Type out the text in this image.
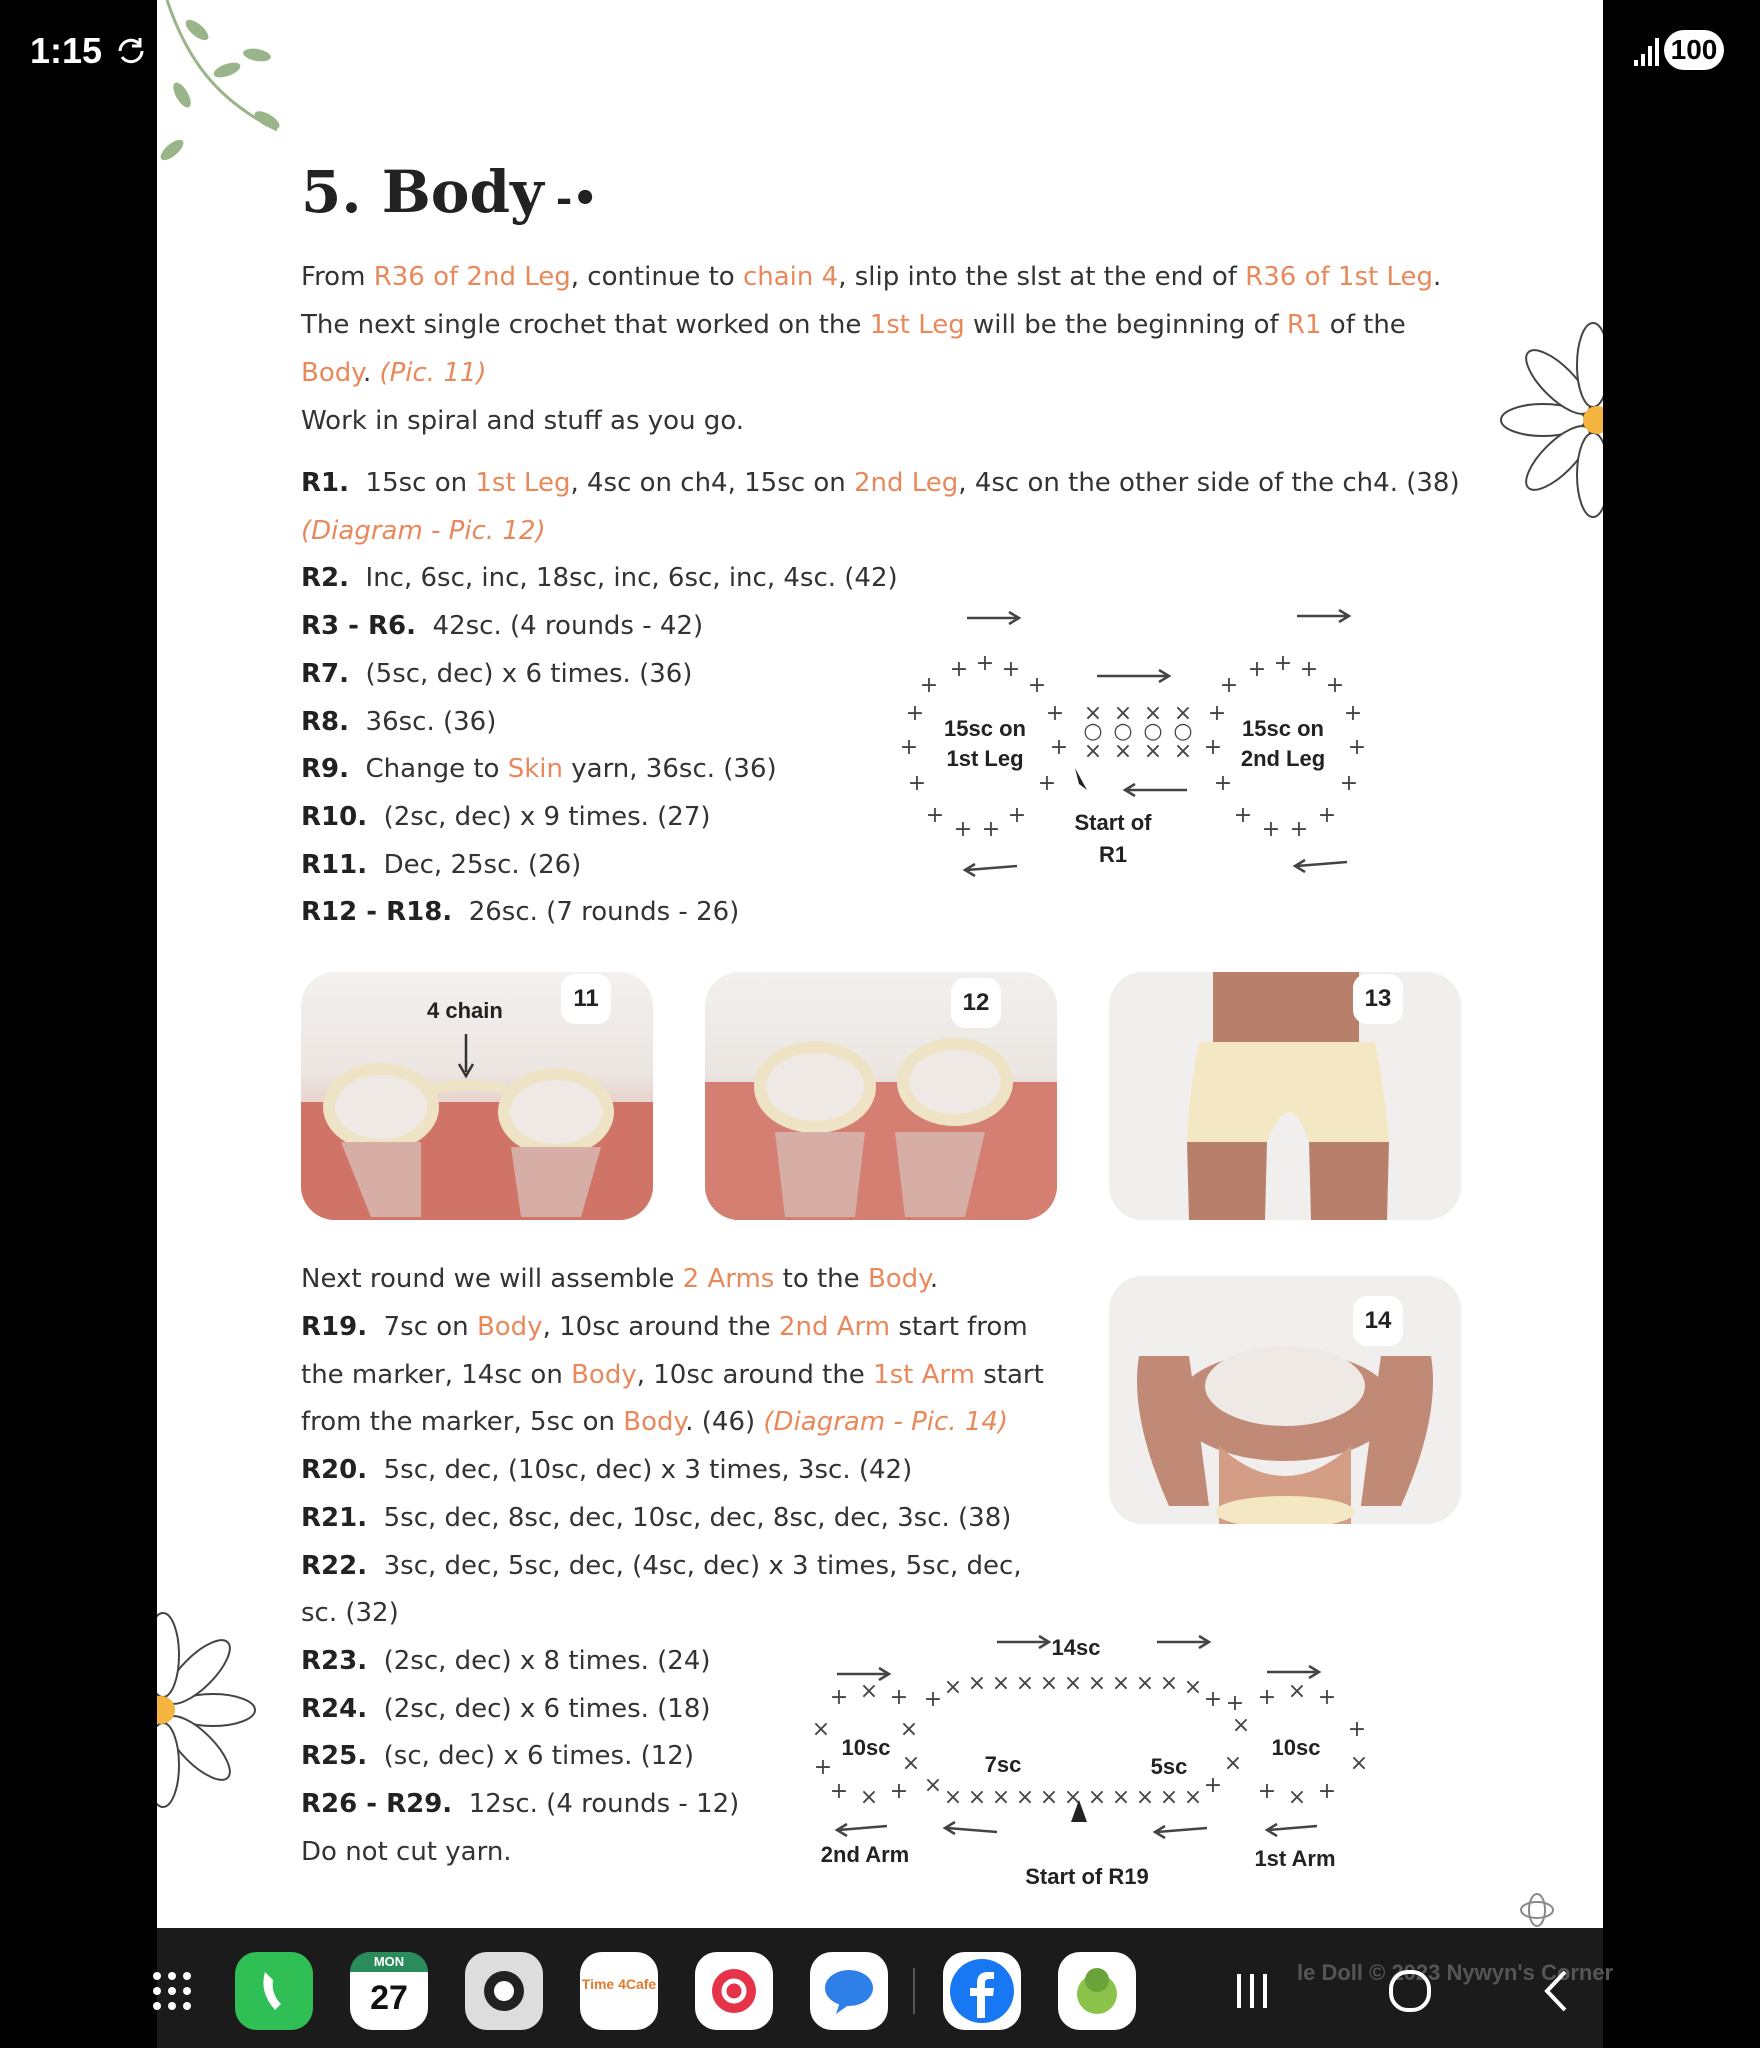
1:15	100
5. Body -•
From R36 of 2nd Leg, continue to chain 4, slip into the slst at the end of R36 of 1st Leg.
The next single crochet that worked on the 1st Leg will be the beginning of R1 of the
Body. (Pic. 11)
Work in spiral and stuff as you go.
R1. 15sc on 1st Leg, 4sc on ch4, 15sc on 2nd Leg, 4sc on the other side of the ch4. (38)
(Diagram - Pic. 12)
R2. Inc, 6sc, inc, 18sc, inc, 6sc, inc, 4sc. (42)
R3 - R6. 42sc. (4 rounds - 42)
R7. (5sc, dec) x 6 times. (36)
R8. 36sc. (36)
R9. Change to Skin yarn, 36sc. (36)
R10. (2sc, dec) x 9 times. (27)
R11. Dec, 25sc. (26)
R12 - R18. 26sc. (7 rounds - 26)
+
+
+
+
+ + +
+
+
+ +
+
+
+
+
× × × ×
○ ○ ○ ○
× × × ×
+
+
+
+
+ + +
+
+
+ +
+
+
+
+
15sc on
1st Leg
15sc on
2nd Leg
Start of
R1
4 chain	11	12	13
Next round we will assemble 2 Arms to the Body.
R19. 7sc on Body, 10sc around the 2nd Arm start from
the marker, 14sc on Body, 10sc around the 1st Arm start
from the marker, 5sc on Body. (46) (Diagram - Pic. 14)
R20. 5sc, dec, (10sc, dec) x 3 times, 3sc. (42)
R21. 5sc, dec, 8sc, dec, 10sc, dec, 8sc, dec, 3sc. (38)
R22. 3sc, dec, 5sc, dec, (4sc, dec) x 3 times, 5sc, dec,
sc. (32)
R23. (2sc, dec) x 8 times. (24)
R24. (2sc, dec) x 6 times. (18)
R25. (sc, dec) x 6 times. (12)
R26 - R29. 12sc. (4 rounds - 12)
Do not cut yarn.
14
+ × +
×
+
×
×
+ × +
+ × × × × × × × × × × × +
× × × × × × × × × × × × +
+
×
×
+ × +
+
×
+ × +
14sc
10sc	10sc
7sc	5sc
2nd Arm	1st Arm
Start of R19
MON
27	Time 4Cafe	le Doll © 2023 Nywyn's Corner
